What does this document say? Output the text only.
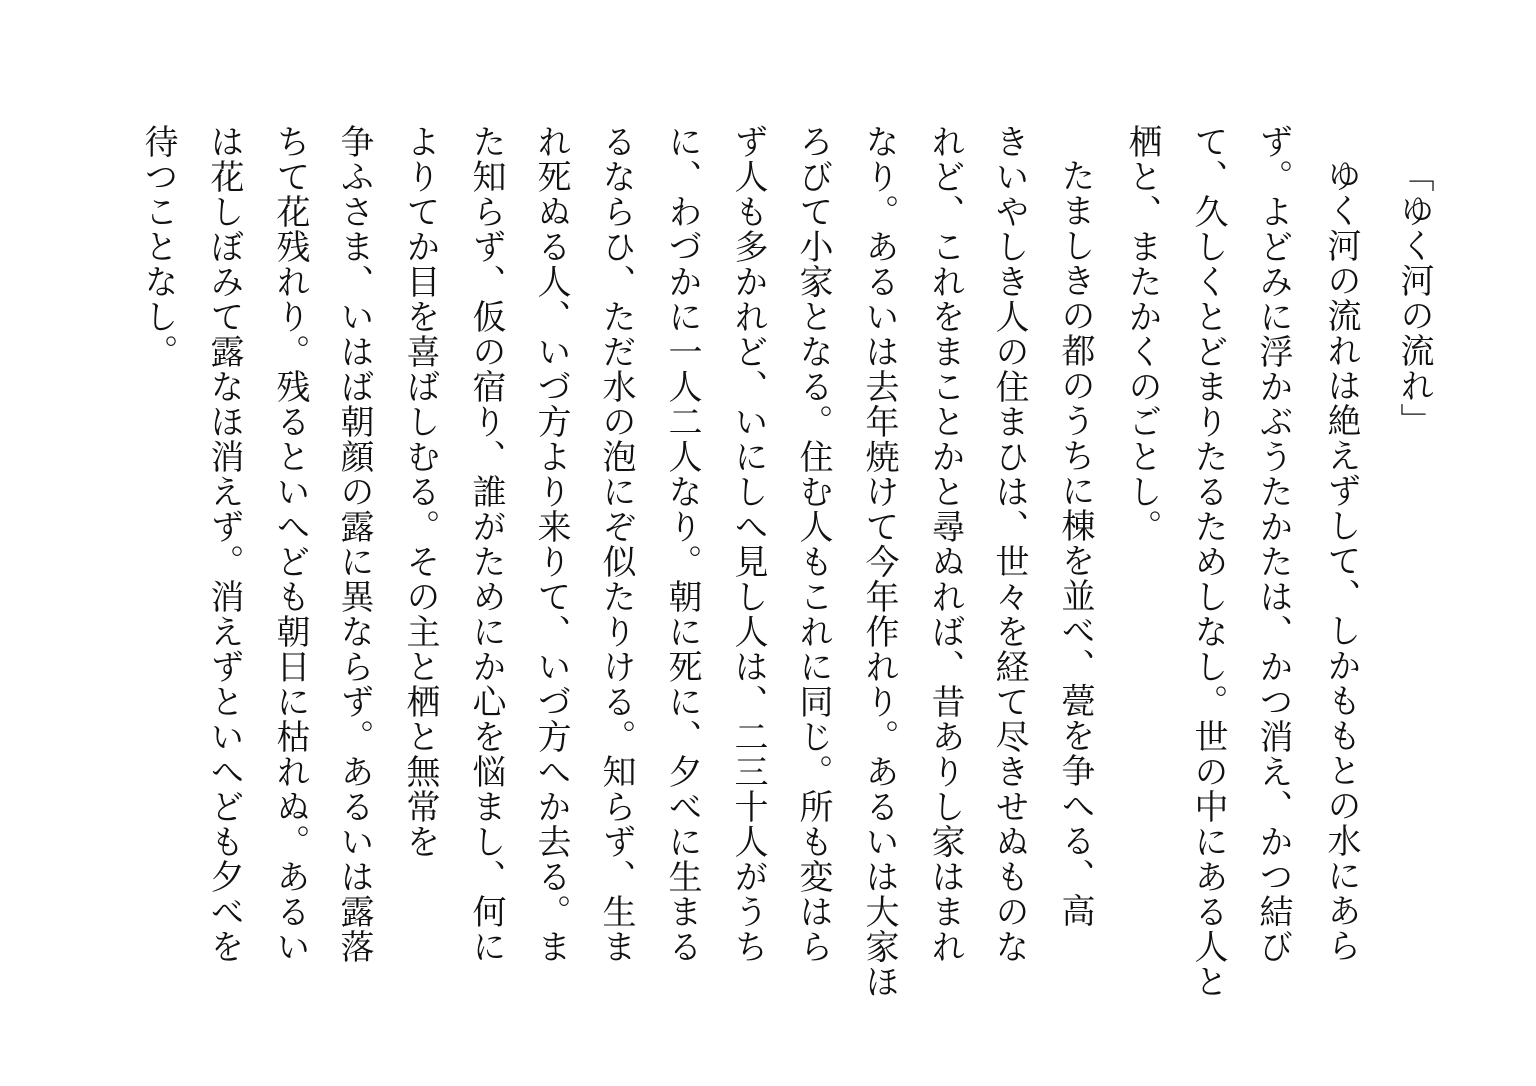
「ゆく河の流れ」
ゆく河の流れは絶えずして、しかももとの水にあら
ず。よどみに浮かぶうたかたは、かつ消え、かつ結び
て、久しくとどまりたるためしなし。世の中にある人と
栖と、またかくのごとし。
たましきの都のうちに棟を並べ、甍を争へる、高
きいやしき人の住まひは、世々を経て尽きせぬものな
れど、これをまことかと尋ぬれば、昔ありし家はまれ
なり。あるいは去年焼けて今年作れり。あるいは大家ほ
ろびて小家となる。住む人もこれに同じ。所も変はら
ず人も多かれど、いにしへ見し人は、二三十人がうち
に、わづかに一人二人なり。朝に死に、夕べに生まる
るならひ、ただ水の泡にぞ似たりける。知らず、生ま
れ死ぬる人、いづ方より来りて、いづ方へか去る。ま
た知らず、仮の宿り、誰がためにか心を悩まし、何に
よりてか目を喜ばしむる。その主と栖と無常を
争ふさま、いはば朝顔の露に異ならず。あるいは露落
ちて花残れり。残るといへども朝日に枯れぬ。あるい
は花しぼみて露なほ消えず。消えずといへども夕べを
待つことなし。
